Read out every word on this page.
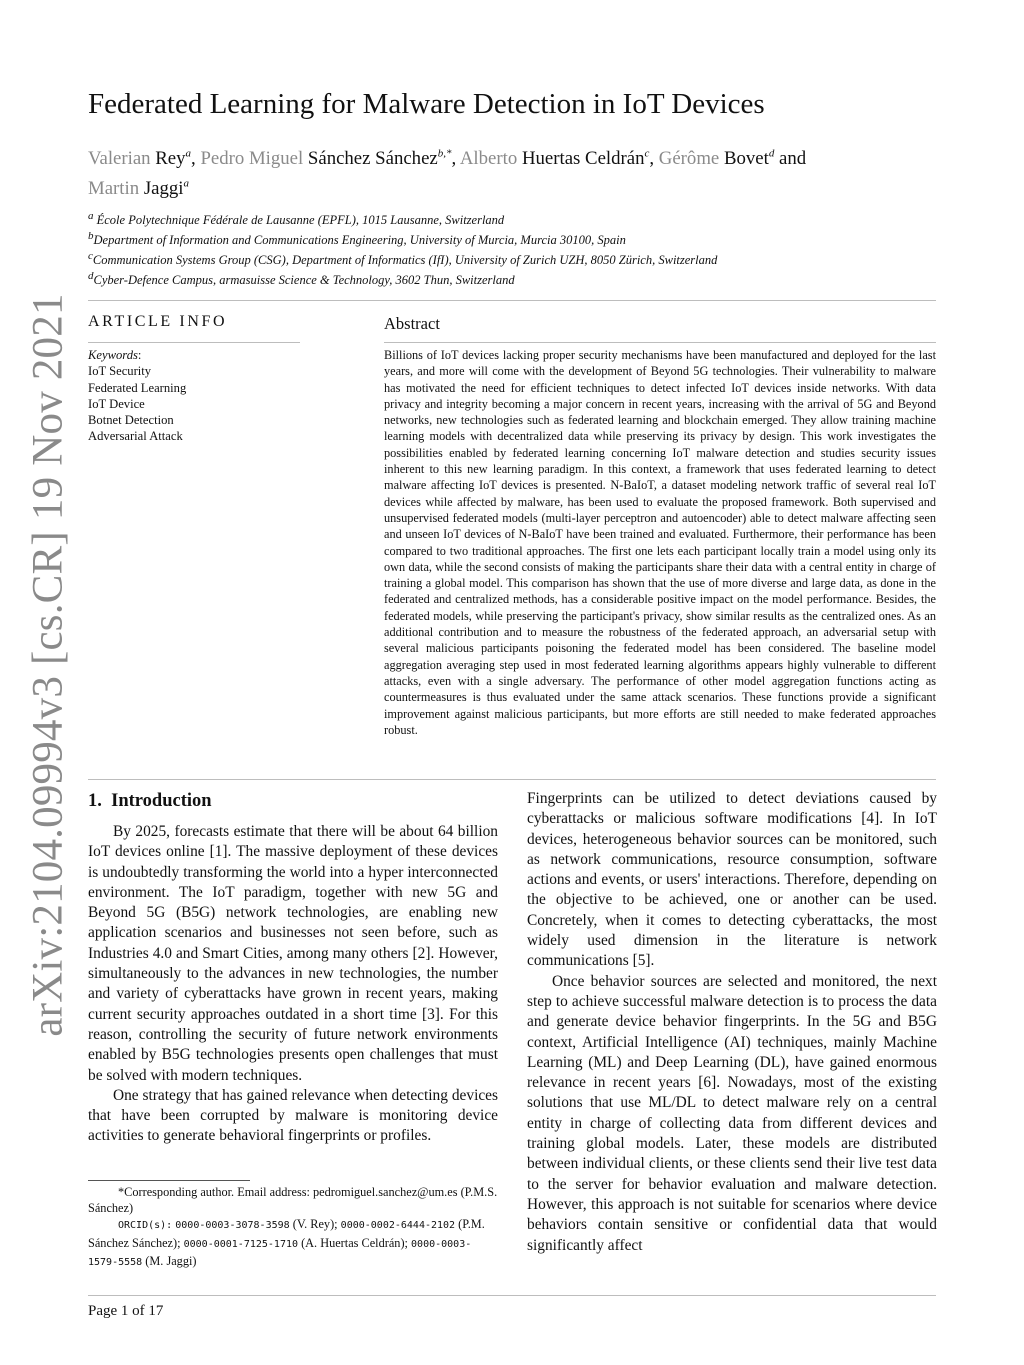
arXiv:2104.09994v3 [cs.CR] 19 Nov 2021
Federated Learning for Malware Detection in IoT Devices
Valerian Rey$^a$, Pedro Miguel Sánchez Sánchez$^{b,*}$, Alberto Huertas Celdrán$^c$, Gérôme Bovet$^d$ and
Martin Jaggi$^a$
$^a$ École Polytechnique Fédérale de Lausanne (EPFL), 1015 Lausanne, Switzerland
$^b$Department of Information and Communications Engineering, University of Murcia, Murcia 30100, Spain
$^c$Communication Systems Group (CSG), Department of Informatics (IfI), University of Zurich UZH, 8050 Zürich, Switzerland
$^d$Cyber-Defence Campus, armasuisse Science & Technology, 3602 Thun, Switzerland
ARTICLE INFO	Abstract
Keywords:
IoT Security
Federated Learning
IoT Device
Botnet Detection
Adversarial Attack

Billions of IoT devices lacking proper security mechanisms have been manufactured and deployed for the last years, and more will come with the development of Beyond 5G technologies. Their vulnerability to malware has motivated the need for efficient techniques to detect infected IoT devices inside networks. With data privacy and integrity becoming a major concern in recent years, increasing with the arrival of 5G and Beyond networks, new technologies such as federated learning and blockchain emerged. They allow training machine learning models with decentralized data while preserving its privacy by design. This work investigates the possibilities enabled by federated learning concerning IoT malware detection and studies security issues inherent to this new learning paradigm. In this context, a framework that uses federated learning to detect malware affecting IoT devices is presented. N-BaIoT, a dataset modeling network traffic of several real IoT devices while affected by malware, has been used to evaluate the proposed framework. Both supervised and unsupervised federated models (multi-layer perceptron and autoencoder) able to detect malware affecting seen and unseen IoT devices of N-BaIoT have been trained and evaluated. Furthermore, their performance has been compared to two traditional approaches. The first one lets each participant locally train a model using only its own data, while the second consists of making the participants share their data with a central entity in charge of training a global model. This comparison has shown that the use of more diverse and large data, as done in the federated and centralized methods, has a considerable positive impact on the model performance. Besides, the federated models, while preserving the participant's privacy, show similar results as the centralized ones. As an additional contribution and to measure the robustness of the federated approach, an adversarial setup with several malicious participants poisoning the federated model has been considered. The baseline model aggregation averaging step used in most federated learning algorithms appears highly vulnerable to different attacks, even with a single adversary. The performance of other model aggregation functions acting as countermeasures is thus evaluated under the same attack scenarios. These functions provide a significant improvement against malicious participants, but more efforts are still needed to make federated approaches robust.

1. Introduction

By 2025, forecasts estimate that there will be about 64 billion IoT devices online [1]. The massive deployment of these devices is undoubtedly transforming the world into a hyper interconnected environment. The IoT paradigm, together with new 5G and Beyond 5G (B5G) network technologies, are enabling new application scenarios and businesses not seen before, such as Industries 4.0 and Smart Cities, among many others [2]. However, simultaneously to the advances in new technologies, the number and variety of cyberattacks have grown in recent years, making current security approaches outdated in a short time [3]. For this reason, controlling the security of future network environments enabled by B5G technologies presents open challenges that must be solved with modern techniques.

One strategy that has gained relevance when detecting devices that have been corrupted by malware is monitoring device activities to generate behavioral fingerprints or profiles.

Fingerprints can be utilized to detect deviations caused by cyberattacks or malicious software modifications [4]. In IoT devices, heterogeneous behavior sources can be monitored, such as network communications, resource consumption, software actions and events, or users' interactions. Therefore, depending on the objective to be achieved, one or another can be used. Concretely, when it comes to detecting cyberattacks, the most widely used dimension in the literature is network communications [5].

Once behavior sources are selected and monitored, the next step to achieve successful malware detection is to process the data and generate device behavior fingerprints. In the 5G and B5G context, Artificial Intelligence (AI) techniques, mainly Machine Learning (ML) and Deep Learning (DL), have gained enormous relevance in recent years [6]. Nowadays, most of the existing solutions that use ML/DL to detect malware rely on a central entity in charge of collecting data from different devices and training global models. Later, these models are distributed between individual clients, or these clients send their live test data to the server for behavior evaluation and malware detection. However, this approach is not suitable for scenarios where device behaviors contain sensitive or confidential data that would significantly affect

*Corresponding author. Email address: pedromiguel.sanchez@um.es (P.M.S. Sánchez)

ORCID(s): 0000-0003-3078-3598 (V. Rey); 0000-0002-6444-2102 (P.M. Sánchez Sánchez); 0000-0001-7125-1710 (A. Huertas Celdrán); 0000-0003-1579-5558 (M. Jaggi)

Page 1 of 17
